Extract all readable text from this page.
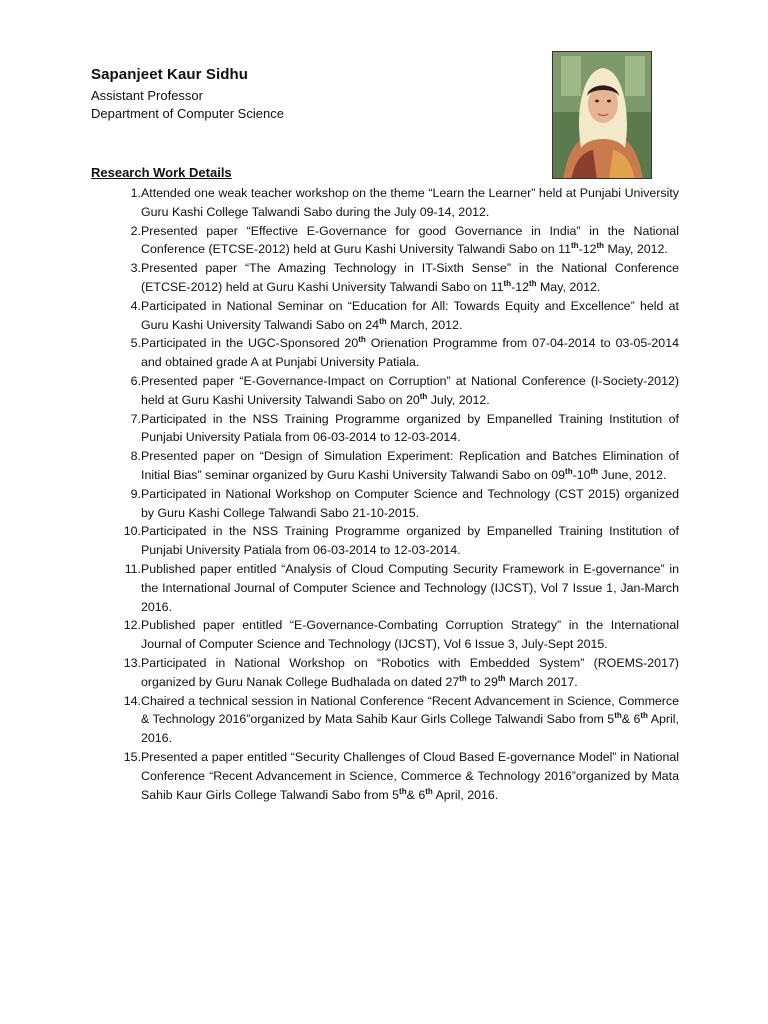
Sapanjeet Kaur Sidhu
Assistant Professor
Department of Computer Science
Research Work Details
1. Attended one weak teacher workshop on the theme “Learn the Learner” held at Punjabi University Guru Kashi College Talwandi Sabo during the July 09-14, 2012.
2. Presented paper “Effective E-Governance for good Governance in India” in the National Conference (ETCSE-2012) held at Guru Kashi University Talwandi Sabo on 11th-12th May, 2012.
3. Presented paper “The Amazing Technology in IT-Sixth Sense” in the National Conference (ETCSE-2012) held at Guru Kashi University Talwandi Sabo on 11th-12th May, 2012.
4. Participated in National Seminar on “Education for All: Towards Equity and Excellence” held at Guru Kashi University Talwandi Sabo on 24th March, 2012.
5. Participated in the UGC-Sponsored 20th Orienation Programme from 07-04-2014 to 03-05-2014 and obtained grade A at Punjabi University Patiala.
6. Presented paper “E-Governance-Impact on Corruption” at National Conference (I-Society-2012) held at Guru Kashi University Talwandi Sabo on 20th July, 2012.
7. Participated in the NSS Training Programme organized by Empanelled Training Institution of Punjabi University Patiala from 06-03-2014 to 12-03-2014.
8. Presented paper on “Design of Simulation Experiment: Replication and Batches Elimination of Initial Bias” seminar organized by Guru Kashi University Talwandi Sabo on 09th-10th June, 2012.
9. Participated in National Workshop on Computer Science and Technology (CST 2015) organized by Guru Kashi College Talwandi Sabo 21-10-2015.
10. Participated in the NSS Training Programme organized by Empanelled Training Institution of Punjabi University Patiala from 06-03-2014 to 12-03-2014.
11. Published paper entitled “Analysis of Cloud Computing Security Framework in E-governance” in the International Journal of Computer Science and Technology (IJCST), Vol 7 Issue 1, Jan-March 2016.
12. Published paper entitled “E-Governance-Combating Corruption Strategy” in the International Journal of Computer Science and Technology (IJCST), Vol 6 Issue 3, July-Sept 2015.
13. Participated in National Workshop on “Robotics with Embedded System” (ROEMS-2017) organized by Guru Nanak College Budhalada on dated 27th to 29th March 2017.
14. Chaired a technical session in National Conference “Recent Advancement in Science, Commerce & Technology 2016”organized by Mata Sahib Kaur Girls College Talwandi Sabo from 5th& 6th April, 2016.
15. Presented a paper entitled “Security Challenges of Cloud Based E-governance Model” in National Conference “Recent Advancement in Science, Commerce & Technology 2016”organized by Mata Sahib Kaur Girls College Talwandi Sabo from 5th& 6th April, 2016.
